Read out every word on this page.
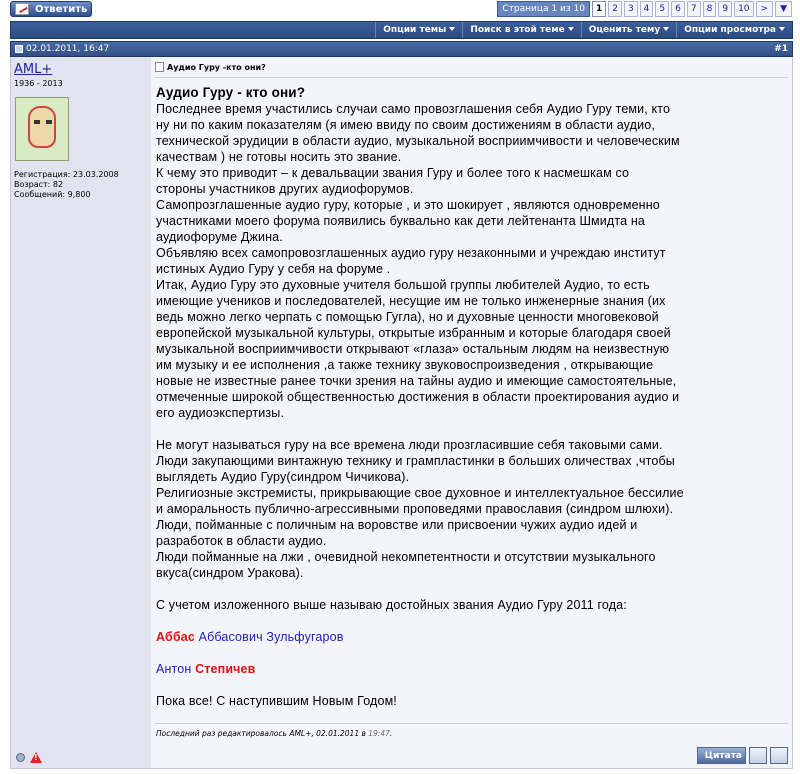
Ответить	Страница 1 из 10	1	2	3	4	5	6	7	8	9	10	>	▼
Опции темы	Поиск в этой теме	Оценить тему	Опции просмотра
02.01.2011, 16:47	#1
AML+
1936 - 2013
Регистрация: 23.03.2008
Возраст: 82
Сообщений: 9,800
!
Аудио Гуру -кто они?

Аудио Гуру - кто они?

Последнее время участились случаи само провозглашения себя Аудио Гуру теми, кто

ну ни по каким показателям (я имею ввиду по своим достижениям в области аудио,

технической эрудиции в области аудио, музыкальной восприимчивости и человеческим

качествам ) не готовы носить это звание.

К чему это приводит – к девальвации звания Гуру и более того к насмешкам со

стороны участников других аудиофорумов.

Самопрозглашенные аудио гуру, которые , и это шокирует , являются одновременно

участниками моего форума появились буквально как дети лейтенанта Шмидта на

аудиофоруме Джина.

Объявляю всех самопровозглашенных аудио гуру незаконными и учреждаю институт

истиных Аудио Гуру у себя на форуме .

Итак, Аудио Гуру это духовные учителя большой группы любителей Аудио, то есть

имеющие учеников и последователей, несущие им не только инженерные знания (их

ведь можно легко черпать с помощью Гугла), но и духовные ценности многовековой

европейской музыкальной культуры, открытые избранным и которые благодаря своей

музыкальной восприимчивости открывают «глаза» остальным людям на неизвестную

им музыку и ее исполнения ,а также технику звуковоспроизведения , открывающие

новые не известные ранее точки зрения на тайны аудио и имеющие самостоятельные,

отмеченные широкой общественностью достижения в области проектирования аудио и

его аудиоэкспертизы.

Не могут называться гуру на все времена люди прозгласившие себя таковыми сами.

Люди закупающими винтажную технику и грампластинки в больших оличествах ,чтобы

выглядеть Аудио Гуру(синдром Чичикова).

Религиозные экстремисты, прикрывающие свое духовное и интеллектуальное бессилие

и аморальность публично-агрессивными проповедями православия (синдром шлюхи).

Люди, пойманные с поличным на воровстве или присвоении чужих аудио идей и

разработок в области аудио.

Люди пойманные на лжи , очевидной некомпетентности и отсутствии музыкального

вкуса(синдром Уракова).

С учетом изложенного выше называю достойных звания Аудио Гуру 2011 года:

Аббас Аббасович Зульфугаров

Антон Степичев

Пока все! С наступившим Новым Годом!

Последний раз редактировалось AML+, 02.01.2011 в 19:47.
Цитата
